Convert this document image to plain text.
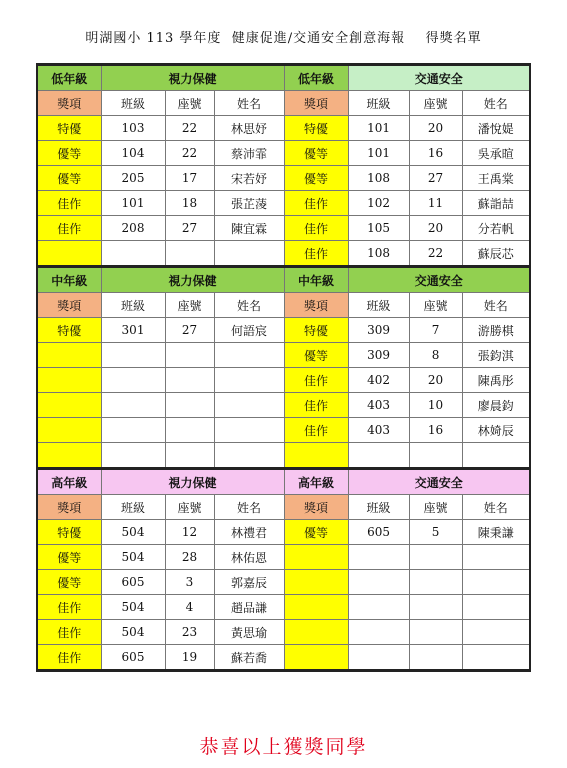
明湖國小 113 學年度  健康促進/交通安全創意海報    得獎名單
低年級	視力保健			低年級	交通安全		
獎項	班級	座號	姓名	獎項	班級	座號	姓名
特優	103	22	林思妤	特優	101	20	潘悅媞
優等	104	22	蔡沛霏	優等	101	16	吳承暄
優等	205	17	宋若妤	優等	108	27	王禹棠
佳作	101	18	張芷蓤	佳作	102	11	蘇詣喆
佳作	208	27	陳宜霖	佳作	105	20	分若帆
				佳作	108	22	蘇辰芯
中年級	視力保健			中年級	交通安全		
獎項	班級	座號	姓名	獎項	班級	座號	姓名
特優	301	27	何語宸	特優	309	7	游勝棋
				優等	309	8	張鈞淇
				佳作	402	20	陳禹彤
				佳作	403	10	廖晨鈞
				佳作	403	16	林婍辰

高年級	視力保健			高年級	交通安全		
獎項	班級	座號	姓名	獎項	班級	座號	姓名
特優	504	12	林禮君	優等	605	5	陳秉謙
優等	504	28	林佑恩				
優等	605	3	郭嘉辰				
佳作	504	4	趙品謙				
佳作	504	23	黃思瑜				
佳作	605	19	蘇若喬				
恭喜以上獲獎同學
